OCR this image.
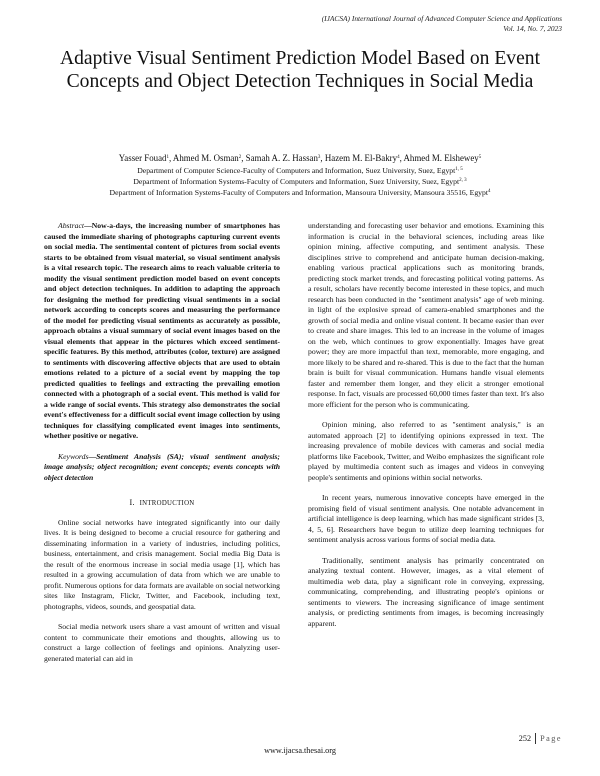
(IJACSA) International Journal of Advanced Computer Science and Applications
Vol. 14, No. 7, 2023
Adaptive Visual Sentiment Prediction Model Based on Event Concepts and Object Detection Techniques in Social Media
Yasser Fouad$^1$, Ahmed M. Osman$^2$, Samah A. Z. Hassan$^3$, Hazem M. El-Bakry$^4$, Ahmed M. Elshewey$^5$
Department of Computer Science-Faculty of Computers and Information, Suez University, Suez, Egypt$^{1, 5}$
Department of Information Systems-Faculty of Computers and Information, Suez University, Suez, Egypt$^{2, 3}$
Department of Information Systems-Faculty of Computers and Information, Mansoura University, Mansoura 35516, Egypt$^4$

Abstract—Now-a-days, the increasing number of smartphones has caused the immediate sharing of photographs capturing current events on social media. The sentimental content of pictures from social events starts to be obtained from visual material, so visual sentiment analysis is a vital research topic. The research aims to reach valuable criteria to modify the visual sentiment prediction model based on event concepts and object detection techniques. In addition to adapting the approach for designing the method for predicting visual sentiments in a social network according to concepts scores and measuring the performance of the model for predicting visual sentiments as accurately as possible, approach obtains a visual summary of social event images based on the visual elements that appear in the pictures which exceed sentiment-specific features. By this method, attributes (color, texture) are assigned to sentiments with discovering affective objects that are used to obtain emotions related to a picture of a social event by mapping the top predicted qualities to feelings and extracting the prevailing emotion connected with a photograph of a social event. This method is valid for a wide range of social events. This strategy also demonstrates the social event's effectiveness for a difficult social event image collection by using techniques for classifying complicated event images into sentiments, whether positive or negative.

Keywords—Sentiment Analysis (SA); visual sentiment analysis; image analysis; object recognition; event concepts; events concepts with object detection

I. INTRODUCTION

Online social networks have integrated significantly into our daily lives. It is being designed to become a crucial resource for gathering and disseminating information in a variety of industries, including politics, business, entertainment, and crisis management. Social media Big Data is the result of the enormous increase in social media usage [1], which has resulted in a growing accumulation of data from which we are unable to profit. Numerous options for data formats are available on social networking sites like Instagram, Flickr, Twitter, and Facebook, including text, photographs, videos, sounds, and geospatial data.

Social media network users share a vast amount of written and visual content to communicate their emotions and thoughts, allowing us to construct a large collection of feelings and opinions. Analyzing user-generated material can aid in

understanding and forecasting user behavior and emotions. Examining this information is crucial in the behavioral sciences, including areas like opinion mining, affective computing, and sentiment analysis. These disciplines strive to comprehend and anticipate human decision-making, enabling various practical applications such as monitoring brands, predicting stock market trends, and forecasting political voting patterns. As a result, scholars have recently become interested in these topics, and much research has been conducted in the "sentiment analysis" age of web mining. in light of the explosive spread of camera-enabled smartphones and the growth of social media and online visual content. It became easier than ever to create and share images. This led to an increase in the volume of images on the web, which continues to grow exponentially. Images have great power; they are more impactful than text, memorable, more engaging, and more likely to be shared and re-shared. This is due to the fact that the human brain is built for visual communication. Humans handle visual elements faster and remember them longer, and they elicit a stronger emotional response. In fact, visuals are processed 60,000 times faster than text. It's also more efficient for the person who is communicating.

Opinion mining, also referred to as "sentiment analysis," is an automated approach [2] to identifying opinions expressed in text. The increasing prevalence of mobile devices with cameras and social media platforms like Facebook, Twitter, and Weibo emphasizes the significant role played by multimedia content such as images and videos in conveying people's sentiments and opinions within social networks.

In recent years, numerous innovative concepts have emerged in the promising field of visual sentiment analysis. One notable advancement in artificial intelligence is deep learning, which has made significant strides [3, 4, 5, 6]. Researchers have begun to utilize deep learning techniques for sentiment analysis across various forms of social media data.

Traditionally, sentiment analysis has primarily concentrated on analyzing textual content. However, images, as a vital element of multimedia web data, play a significant role in conveying, expressing, communicating, comprehending, and illustrating people's opinions or sentiments to viewers. The increasing significance of image sentiment analysis, or predicting sentiments from images, is becoming increasingly apparent.

252 Page
www.ijacsa.thesai.org
